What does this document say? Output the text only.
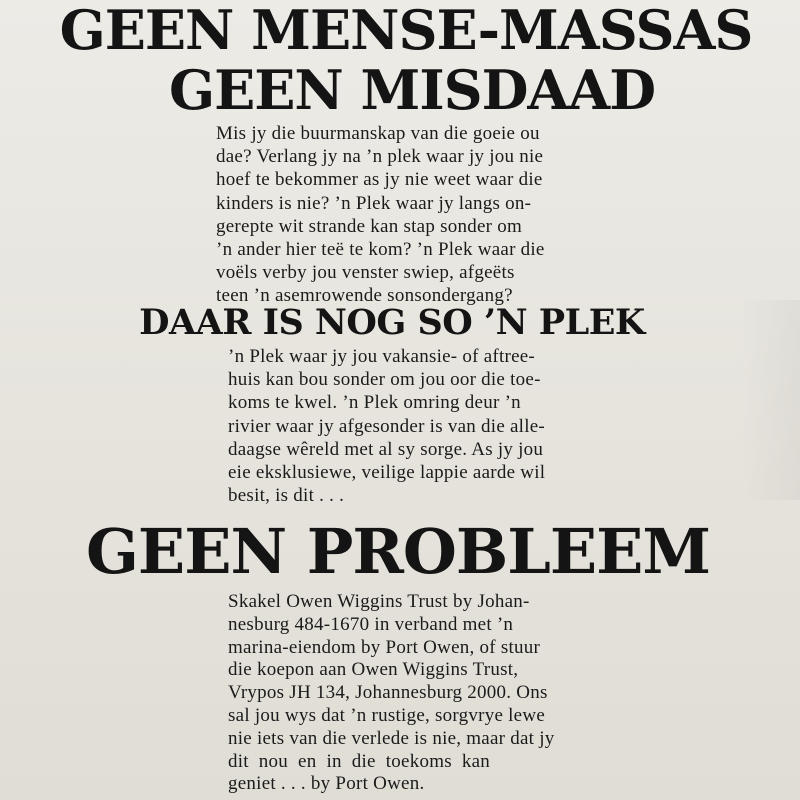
GEEN MENSE-MASSAS
GEEN MISDAAD
Mis jy die buurmanskap van die goeie ou
dae? Verlang jy na ’n plek waar jy jou nie
hoef te bekommer as jy nie weet waar die
kinders is nie? ’n Plek waar jy langs on-
gerepte wit strande kan stap sonder om
’n ander hier teë te kom? ’n Plek waar die
voëls verby jou venster swiep, afgeëts
teen ’n asemrowende sonsondergang?
DAAR IS NOG SO ’N PLEK
’n Plek waar jy jou vakansie- of aftree-
huis kan bou sonder om jou oor die toe-
koms te kwel. ’n Plek omring deur ’n
rivier waar jy afgesonder is van die alle-
daagse wêreld met al sy sorge. As jy jou
eie eksklusiewe, veilige lappie aarde wil
besit, is dit . . .
GEEN PROBLEEM
Skakel Owen Wiggins Trust by Johan-
nesburg 484-1670 in verband met ’n
marina-eiendom by Port Owen, of stuur
die koepon aan Owen Wiggins Trust,
Vrypos JH 134, Johannesburg 2000. Ons
sal jou wys dat ’n rustige, sorgvrye lewe
nie iets van die verlede is nie, maar dat jy
dit  nou  en  in  die  toekoms  kan
geniet . . . by Port Owen.
